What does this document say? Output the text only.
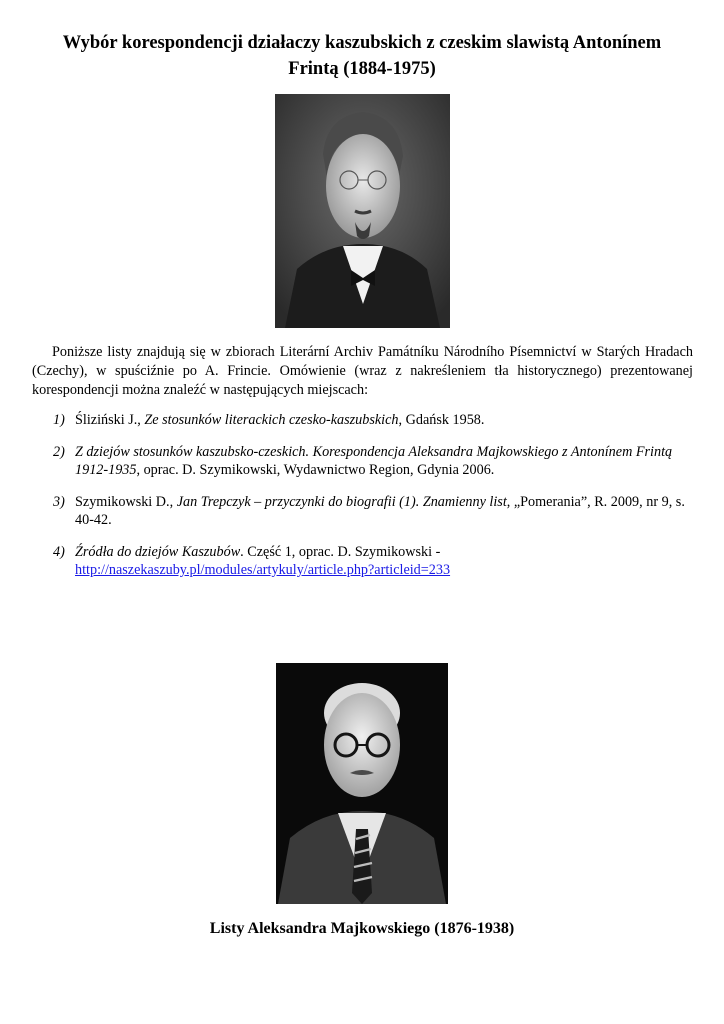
Wybór korespondencji działaczy kaszubskich z czeskim slawistą Antonínem Frintą (1884-1975)

Poniższe listy znajdują się w zbiorach Literární Archiv Památníku Národního Písemnictví w Starých Hradach (Czechy), w spuściźnie po A. Frincie. Omówienie (wraz z nakreśleniem tła historycznego) prezentowanej korespondencji można znaleźć w następujących miejscach:

1) Śliziński J., Ze stosunków literackich czesko-kaszubskich, Gdańsk 1958.
2) Z dziejów stosunków kaszubsko-czeskich. Korespondencja Aleksandra Majkowskiego z Antonínem Frintą 1912-1935, oprac. D. Szymikowski, Wydawnictwo Region, Gdynia 2006.
3) Szymikowski D., Jan Trepczyk – przyczynki do biografii (1). Znamienny list, „Pomerania”, R. 2009, nr 9, s. 40-42.
4) Źródła do dziejów Kaszubów. Część 1, oprac. D. Szymikowski - http://naszekaszuby.pl/modules/artykuly/article.php?articleid=233
Listy Aleksandra Majkowskiego (1876-1938)
